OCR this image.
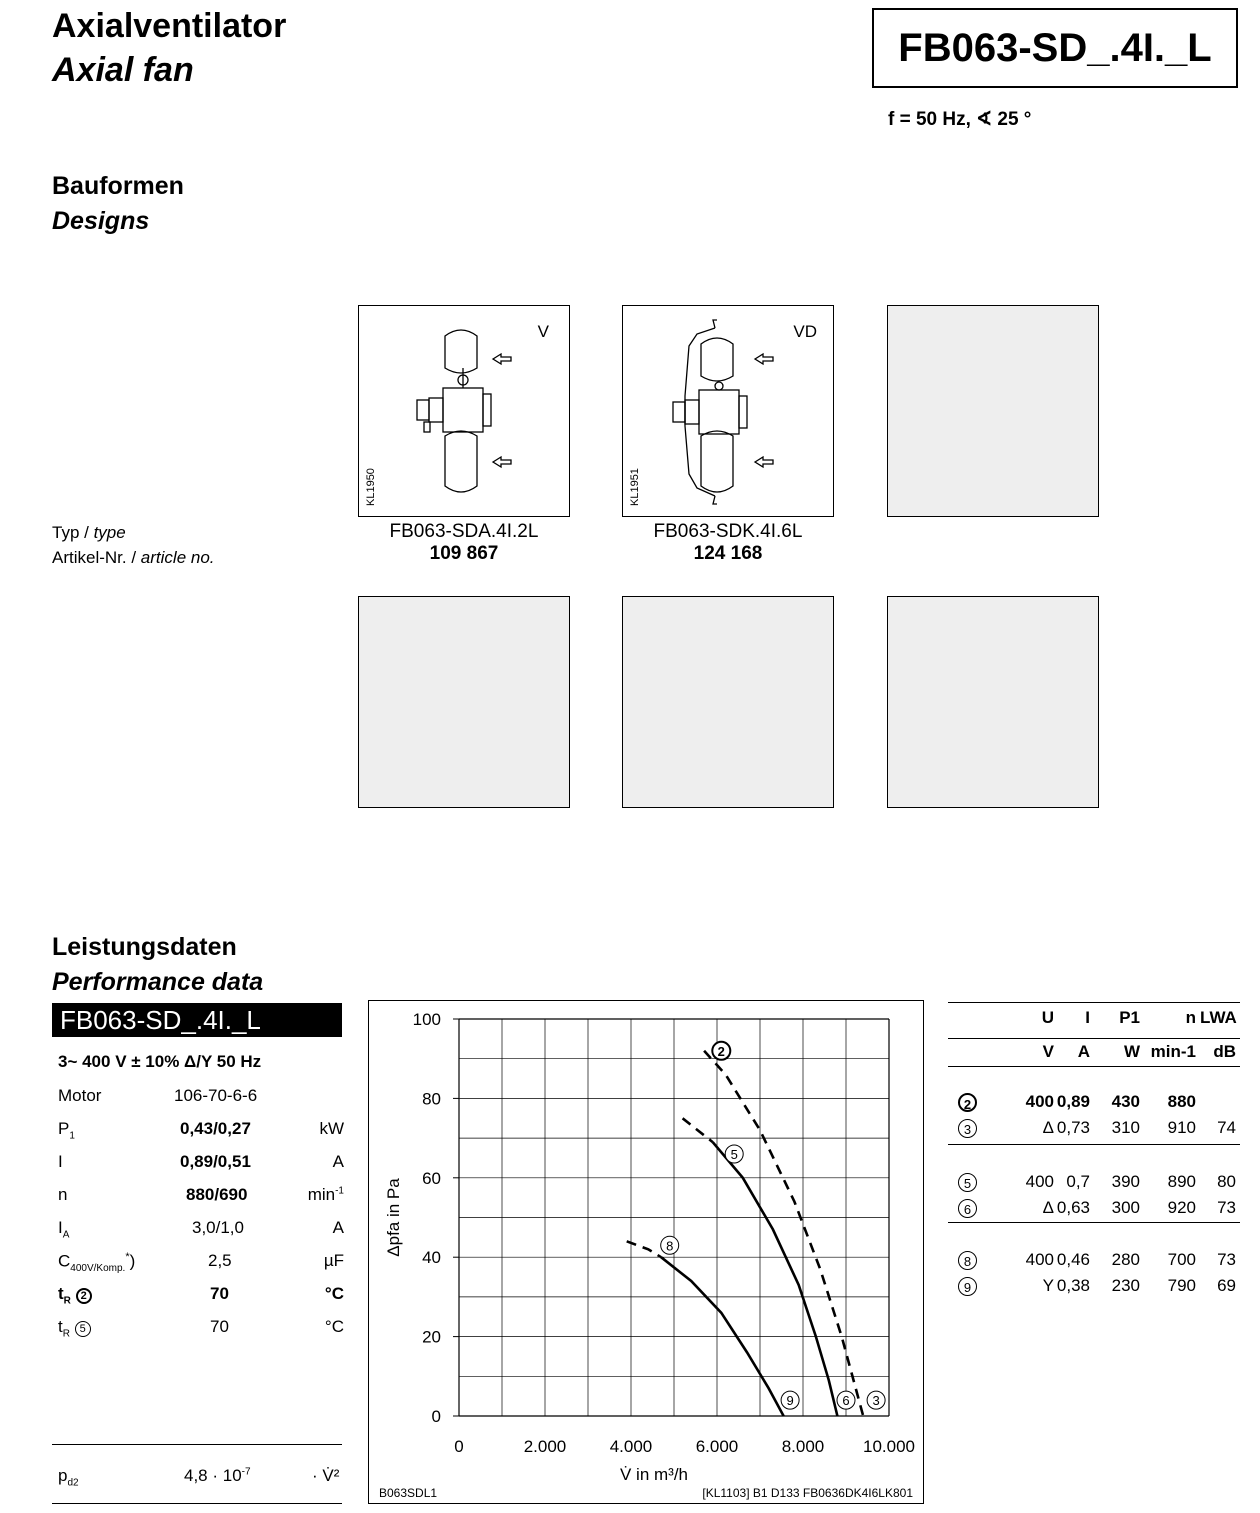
Axialventilator
Axial fan
FB063-SD_.4I._L
f = 50 Hz, ∢ 25 °
Bauformen
Designs
V
KL1950
VD
KL1951
Typ / type
Artikel-Nr. / article no.
FB063-SDA.4I.2L
109 867
FB063-SDK.4I.6L
124 168
Leistungsdaten
Performance data
FB063-SD_.4I._L
3~ 400 V ± 10% Δ/Y 50 Hz
Motor	106-70-6-6
$P_1$	0,43/0,27	kW
I	0,89/0,51	A
n	880/690	$\min^{-1}$
$I_A$	3,0/1,0	A
$C_{400V/Komp.}^*$)	2,5	µF
$t_R$ 2	70	°C
$t_R$ 5	70	°C
$p_{d2}$	$4,8 \cdot 10^{-7}$	· V̇²
0	2.000	4.000	6.000	8.000 10.000
0
20
40
60
80
100
V̇ in m³/h
Δpfa in Pa
2
5
8
9	6 3
B063SDL1	[KL1103] B1 D133 FB0636DK4I6LK801
U	I	P1	n LWA
V	A	W min-1	dB
2	400 0,89	430	880
3	Δ 0,73	310	910	74
5	400 0,7	390	890	80
6	Δ 0,63	300	920	73
8	400 0,46	280	700	73
9	Y 0,38	230	790	69
